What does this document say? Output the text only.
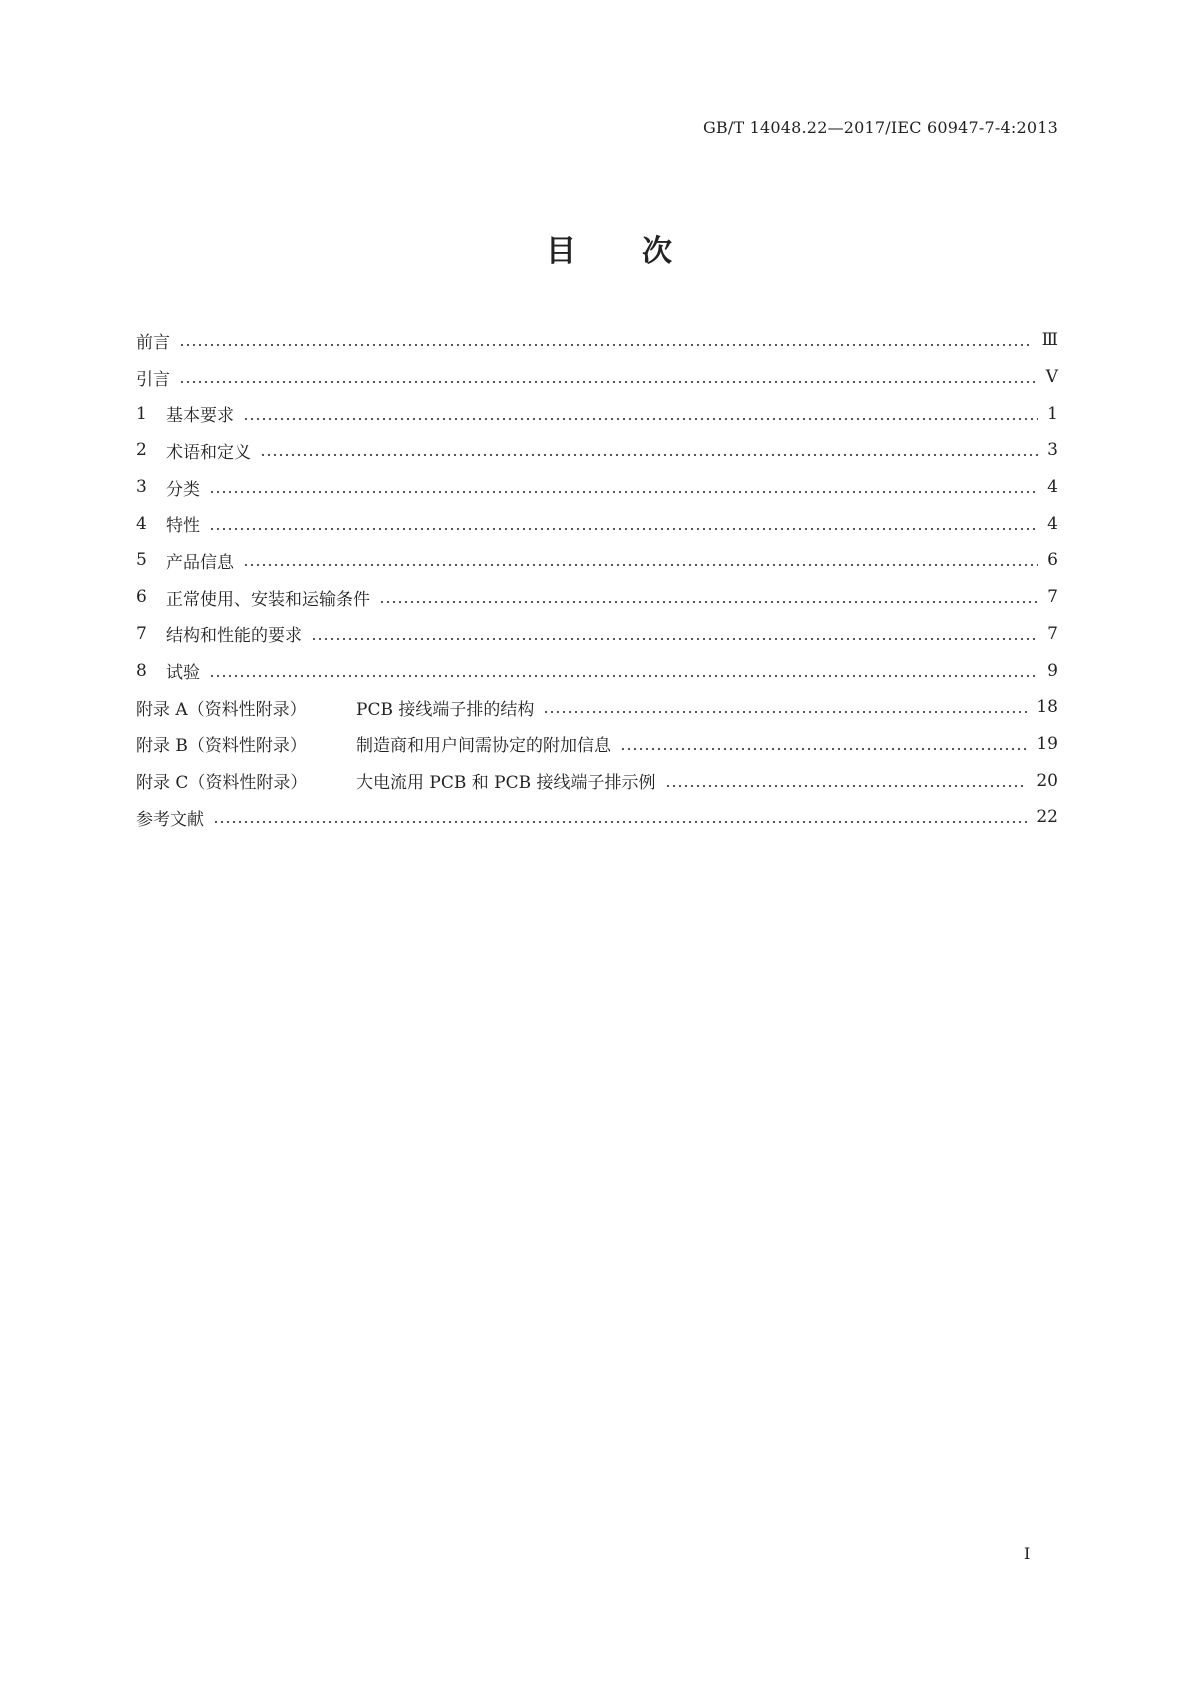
GB/T 14048.22—2017/IEC 60947-7-4:2013
目 次
前言	Ⅲ
引言	Ⅴ
1	基本要求	1
2	术语和定义	3
3	分类	4
4	特性	4
5	产品信息	6
6	正常使用、安装和运输条件	7
7	结构和性能的要求	7
8	试验	9
附录 A（资料性附录）	PCB 接线端子排的结构	18
附录 B（资料性附录）	制造商和用户间需协定的附加信息	19
附录 C（资料性附录）	大电流用 PCB 和 PCB 接线端子排示例	20
参考文献	22
I
